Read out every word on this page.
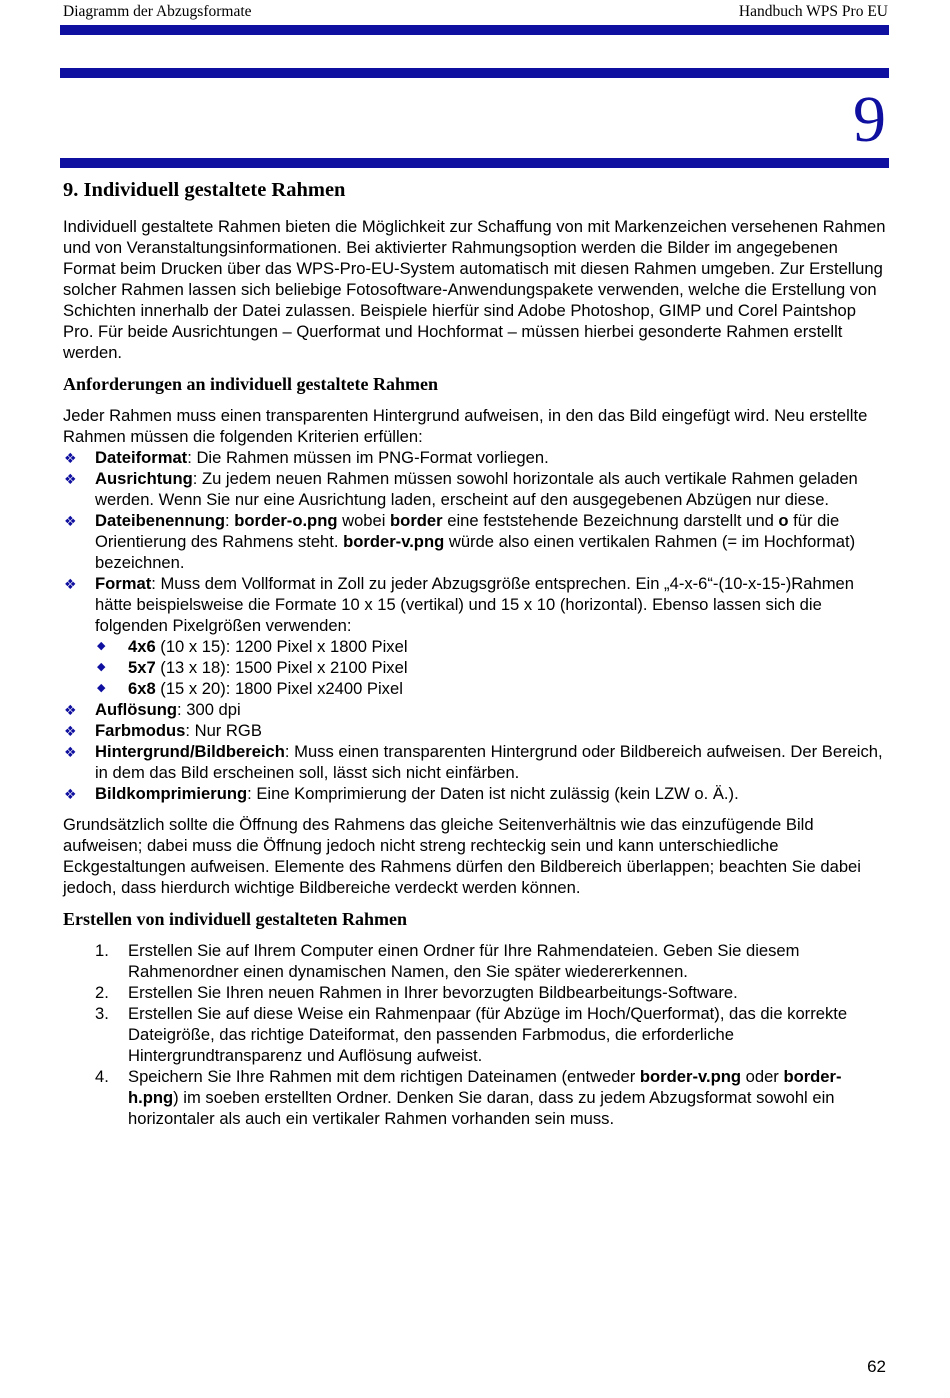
Diagramm der Abzugsformate	Handbuch WPS Pro EU
9
9. Individuell gestaltete Rahmen

Individuell gestaltete Rahmen bieten die Möglichkeit zur Schaffung von mit Markenzeichen versehenen Rahmen und von Veranstaltungsinformationen. Bei aktivierter Rahmungsoption werden die Bilder im angegebenen Format beim Drucken über das WPS-Pro-EU-System automatisch mit diesen Rahmen umgeben. Zur Erstellung solcher Rahmen lassen sich beliebige Fotosoftware-Anwendungspakete verwenden, welche die Erstellung von Schichten innerhalb der Datei zulassen. Beispiele hierfür sind Adobe Photoshop, GIMP und Corel Paintshop Pro. Für beide Ausrichtungen – Querformat und Hochformat – müssen hierbei gesonderte Rahmen erstellt werden.

Anforderungen an individuell gestaltete Rahmen

Jeder Rahmen muss einen transparenten Hintergrund aufweisen, in den das Bild eingefügt wird. Neu erstellte Rahmen müssen die folgenden Kriterien erfüllen:

❖ Dateiformat: Die Rahmen müssen im PNG-Format vorliegen.
❖ Ausrichtung: Zu jedem neuen Rahmen müssen sowohl horizontale als auch vertikale Rahmen geladen werden. Wenn Sie nur eine Ausrichtung laden, erscheint auf den ausgegebenen Abzügen nur diese.
❖ Dateibenennung: border-o.png wobei border eine feststehende Bezeichnung darstellt und o für die Orientierung des Rahmens steht. border-v.png würde also einen vertikalen Rahmen (= im Hochformat) bezeichnen.
❖ Format: Muss dem Vollformat in Zoll zu jeder Abzugsgröße entsprechen. Ein „4-x-6“-(10-x-15-)Rahmen hätte beispielsweise die Formate 10 x 15 (vertikal) und 15 x 10 (horizontal). Ebenso lassen sich die folgenden Pixelgrößen verwenden:
◆ 4x6 (10 x 15): 1200 Pixel x 1800 Pixel
◆ 5x7 (13 x 18): 1500 Pixel x 2100 Pixel
◆ 6x8 (15 x 20): 1800 Pixel x2400 Pixel
❖ Auflösung: 300 dpi
❖ Farbmodus: Nur RGB
❖ Hintergrund/Bildbereich: Muss einen transparenten Hintergrund oder Bildbereich aufweisen. Der Bereich, in dem das Bild erscheinen soll, lässt sich nicht einfärben.
❖ Bildkomprimierung: Eine Komprimierung der Daten ist nicht zulässig (kein LZW o. Ä.).

Grundsätzlich sollte die Öffnung des Rahmens das gleiche Seitenverhältnis wie das einzufügende Bild aufweisen; dabei muss die Öffnung jedoch nicht streng rechteckig sein und kann unterschiedliche Eckgestaltungen aufweisen. Elemente des Rahmens dürfen den Bildbereich überlappen; beachten Sie dabei jedoch, dass hierdurch wichtige Bildbereiche verdeckt werden können.

Erstellen von individuell gestalteten Rahmen
1. Erstellen Sie auf Ihrem Computer einen Ordner für Ihre Rahmendateien. Geben Sie diesem Rahmenordner einen dynamischen Namen, den Sie später wiedererkennen.
2. Erstellen Sie Ihren neuen Rahmen in Ihrer bevorzugten Bildbearbeitungs-Software.
3. Erstellen Sie auf diese Weise ein Rahmenpaar (für Abzüge im Hoch/Querformat), das die korrekte Dateigröße, das richtige Dateiformat, den passenden Farbmodus, die erforderliche Hintergrundtransparenz und Auflösung aufweist.
4. Speichern Sie Ihre Rahmen mit dem richtigen Dateinamen (entweder border-v.png oder border-h.png) im soeben erstellten Ordner. Denken Sie daran, dass zu jedem Abzugsformat sowohl ein horizontaler als auch ein vertikaler Rahmen vorhanden sein muss.
62
